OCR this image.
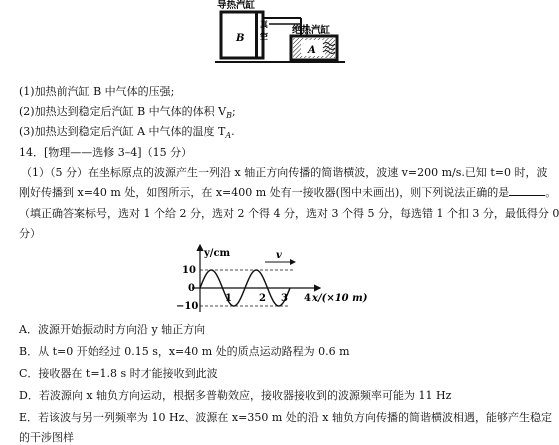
导热汽缸
绝热汽缸
真
空
B
A
(1)加热前汽缸 B 中气体的压强;
(2)加热达到稳定后汽缸 B 中气体的体积 $V_B$;
(3)加热达到稳定后汽缸 A 中气体的温度 $T_A$.
14．[物理——选修 3–4]（15 分）
（1）（5 分）在坐标原点的波源产生一列沿 x 轴正方向传播的简谐横波，波速 v=200 m/s.已知 t=0 时，波
刚好传播到 x=40 m 处，如图所示，在 x=400 m 处有一接收器(图中未画出)，则下列说法正确的是	。
（填正确答案标号，选对 1 个给 2 分，选对 2 个得 4 分，选对 3 个得 5 分，每选错 1 个扣 3 分，最低得分 0
分）
v
y/cm
x/(×10 m)
10
0
−10
1	2 3 4
A．波源开始振动时方向沿 y 轴正方向
B．从 t=0 开始经过 0.15 s，x=40 m 处的质点运动路程为 0.6 m
C．接收器在 t=1.8 s 时才能接收到此波
D．若波源向 x 轴负方向运动，根据多普勒效应，接收器接收到的波源频率可能为 11 Hz
E．若该波与另一列频率为 10 Hz、波源在 x=350 m 处的沿 x 轴负方向传播的简谐横波相遇，能够产生稳定
的干涉图样
